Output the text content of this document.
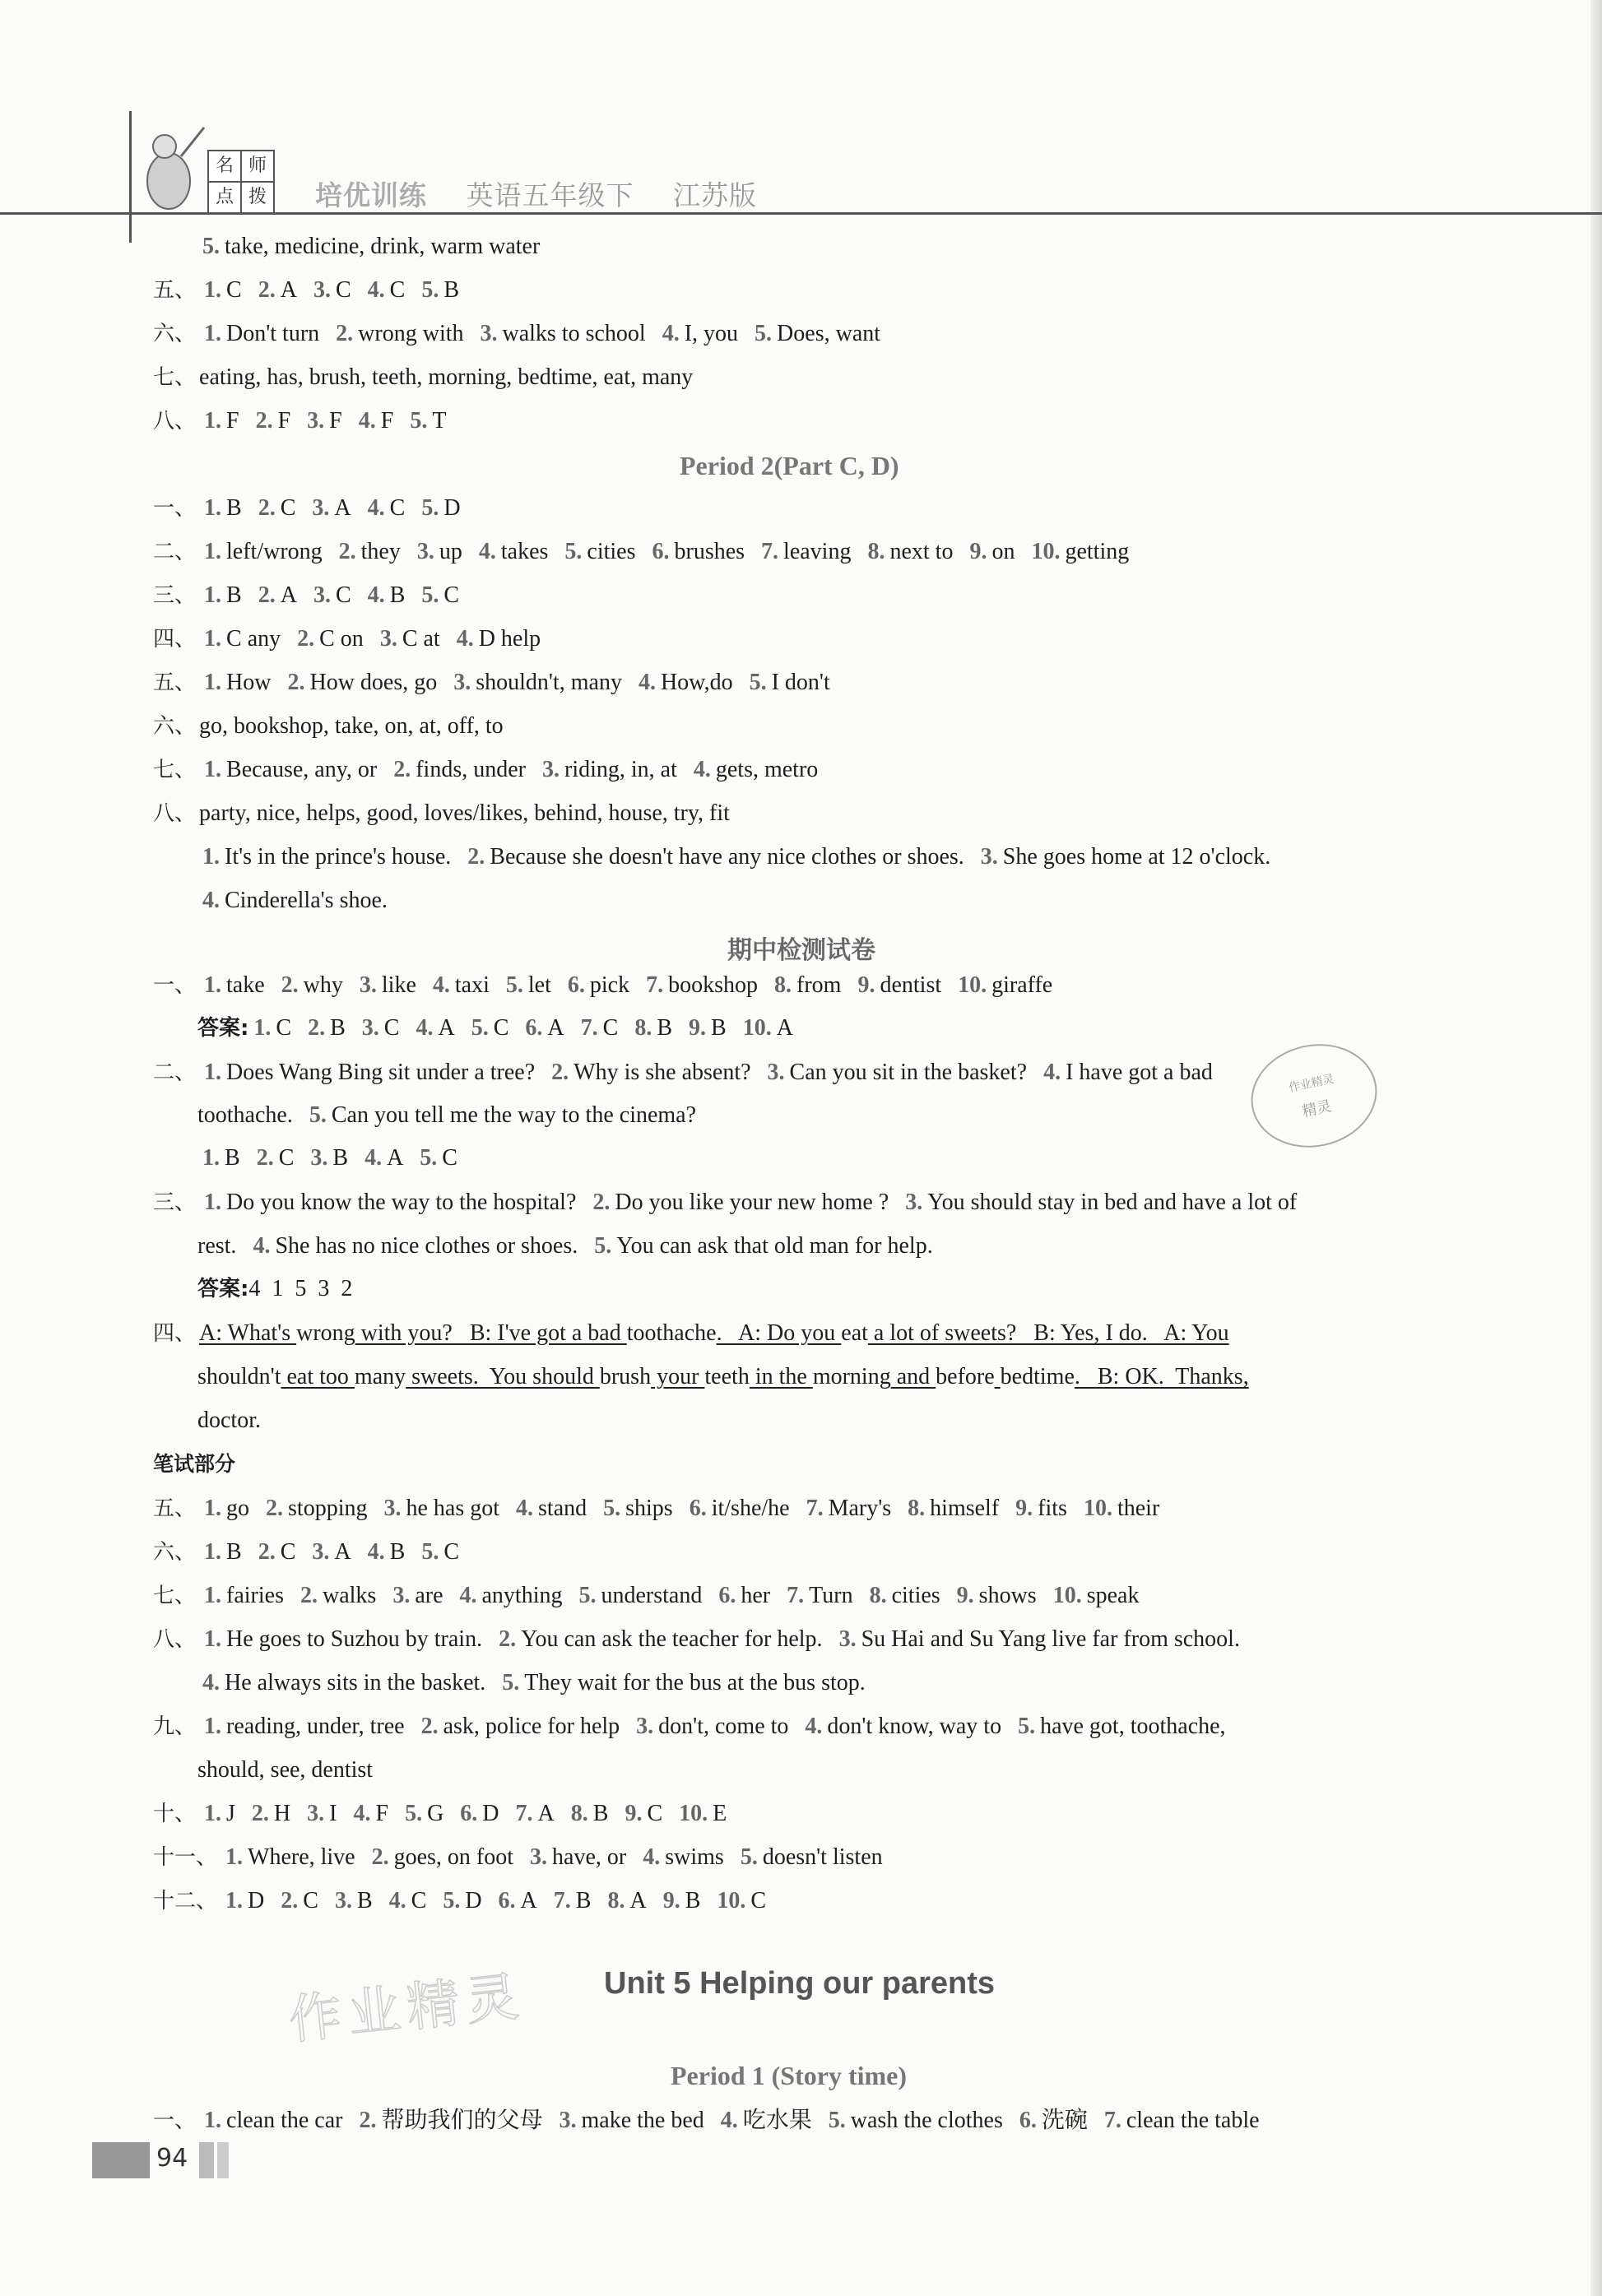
名 师
点 拨	培优训练 英语五年级下 江苏版
5. take, medicine, drink, warm water
五、 1. C 2. A 3. C 4. C 5. B
六、 1. Don't turn 2. wrong with 3. walks to school 4. I, you 5. Does, want
七、 eating, has, brush, teeth, morning, bedtime, eat, many
八、 1. F 2. F 3. F 4. F 5. T
Period 2(Part C, D)
一、 1. B 2. C 3. A 4. C 5. D
二、 1. left/wrong 2. they 3. up 4. takes 5. cities 6. brushes 7. leaving 8. next to 9. on 10. getting
三、 1. B 2. A 3. C 4. B 5. C
四、 1. C any 2. C on 3. C at 4. D help
五、 1. How 2. How does, go 3. shouldn't, many 4. How,do 5. I don't
六、 go, bookshop, take, on, at, off, to
七、 1. Because, any, or 2. finds, under 3. riding, in, at 4. gets, metro
八、 party, nice, helps, good, loves/likes, behind, house, try, fit
1. It's in the prince's house. 2. Because she doesn't have any nice clothes or shoes. 3. She goes home at 12 o'clock.
4. Cinderella's shoe.
期中检测试卷
一、 1. take 2. why 3. like 4. taxi 5. let 6. pick 7. bookshop 8. from 9. dentist 10. giraffe
答案: 1. C 2. B 3. C 4. A 5. C 6. A 7. C 8. B 9. B 10. A
二、 1. Does Wang Bing sit under a tree? 2. Why is she absent? 3. Can you sit in the basket? 4. I have got a bad
toothache. 5. Can you tell me the way to the cinema?
1. B 2. C 3. B 4. A 5. C
三、 1. Do you know the way to the hospital? 2. Do you like your new home ? 3. You should stay in bed and have a lot of
rest. 4. She has no nice clothes or shoes. 5. You can ask that old man for help.
答案:4  1  5  3  2
四、 A: What's wrong with you?   B: I've got a bad toothache.   A: Do you eat a lot of sweets?   B: Yes, I do.   A: You
shouldn't eat too many sweets.  You should brush your teeth in the morning and before bedtime.   B: OK.  Thanks,
doctor.
笔试部分
五、 1. go 2. stopping 3. he has got 4. stand 5. ships 6. it/she/he 7. Mary's 8. himself 9. fits 10. their
六、 1. B 2. C 3. A 4. B 5. C
七、 1. fairies 2. walks 3. are 4. anything 5. understand 6. her 7. Turn 8. cities 9. shows 10. speak
八、 1. He goes to Suzhou by train. 2. You can ask the teacher for help. 3. Su Hai and Su Yang live far from school.
4. He always sits in the basket. 5. They wait for the bus at the bus stop.
九、 1. reading, under, tree 2. ask, police for help 3. don't, come to 4. don't know, way to 5. have got, toothache,
should, see, dentist
十、 1. J 2. H 3. I 4. F 5. G 6. D 7. A 8. B 9. C 10. E
十一、 1. Where, live 2. goes, on foot 3. have, or 4. swims 5. doesn't listen
十二、 1. D 2. C 3. B 4. C 5. D 6. A 7. B 8. A 9. B 10. C
Period 1 (Story time)
一、 1. clean the car 2. 帮助我们的父母 3. make the bed 4. 吃水果 5. wash the clothes 6. 洗碗 7. clean the table
作业精灵
精灵
作业精灵 Unit 5 Helping our parents
94
